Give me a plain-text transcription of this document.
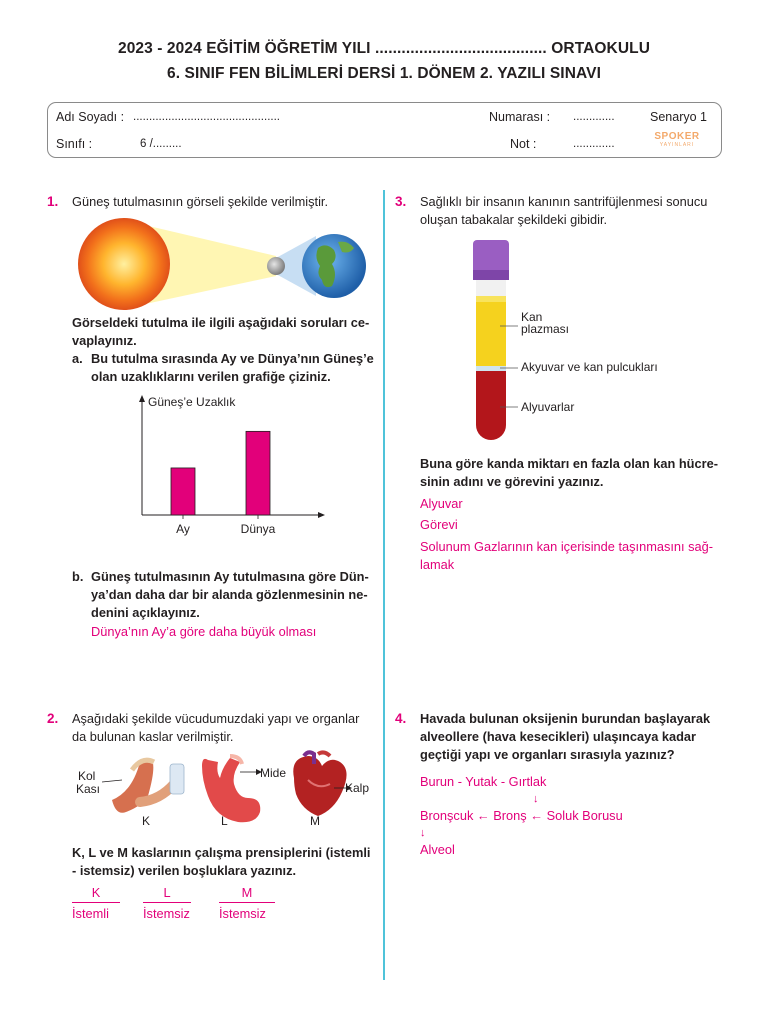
2023 - 2024 EĞİTİM ÖĞRETİM YILI ....................................... ORTAOKULU
6. SINIF FEN BİLİMLERİ DERSİ 1. DÖNEM 2. YAZILI SINAVI
Adı Soyadı : ..............................................
Sınıfı :	6 /.........
Numarası : .............
Not :	.............
Senaryo 1
SPOKER
YAYINLARI
1. Güneş tutulmasının görseli şekilde verilmiştir.
Görseldeki tutulma ile ilgili aşağıdaki soruları ce-
vaplayınız.
a. Bu tutulma sırasında Ay ve Dünya’nın Güneş’e
olan uzaklıklarını verilen grafiğe çiziniz.
Güneş’e Uzaklık
Ay	Dünya
b. Güneş tutulmasının Ay tutulmasına göre Dün-
ya’dan daha dar bir alanda gözlenmesinin ne-
denini açıklayınız.
Dünya’nın Ay’a göre daha büyük olması
2. Aşağıdaki şekilde vücudumuzdaki yapı ve organlar
da bulunan kaslar verilmiştir.
Kol
Kası
Mide
Kalp
K	L	M
K, L ve M kaslarının çalışma prensiplerini (istemli
- istemsiz) verilen boşluklara yazınız.
K	L	M
İstemli	İstemsiz İstemsiz
3. Sağlıklı bir insanın kanının santrifüjlenmesi sonucu
oluşan tabakalar şekildeki gibidir.
Kan
plazması
Akyuvar ve kan pulcukları
Alyuvarlar
Buna göre kanda miktarı en fazla olan kan hücre-
sinin adını ve görevini yazınız.
Alyuvar
Görevi
Solunum Gazlarının kan içerisinde taşınmasını sağ-
lamak
4. Havada bulunan oksijenin burundan başlayarak
alveollere (hava kesecikleri) ulaşıncaya kadar
geçtiği yapı ve organları sırasıyla yazınız?
Burun - Yutak - Gırtlak
↓
Bronşcuk ← Bronş ← Soluk Borusu
↓
Alveol
